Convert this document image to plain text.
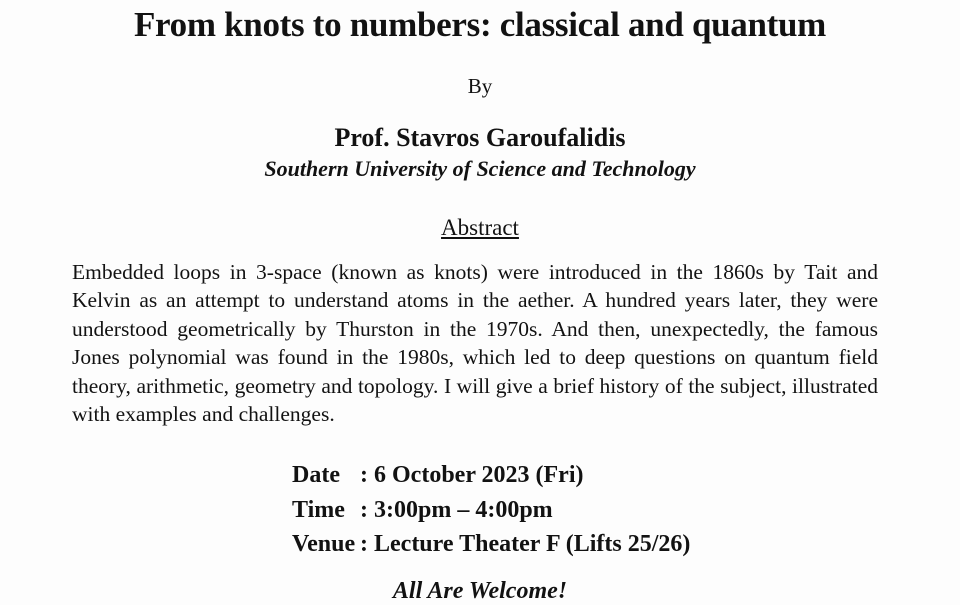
From knots to numbers: classical and quantum
By
Prof. Stavros Garoufalidis
Southern University of Science and Technology
Abstract
Embedded loops in 3-space (known as knots) were introduced in the 1860s by Tait and Kelvin as an attempt to understand atoms in the aether. A hundred years later, they were understood geometrically by Thurston in the 1970s. And then, unexpectedly, the famous Jones polynomial was found in the 1980s, which led to deep questions on quantum field theory, arithmetic, geometry and topology. I will give a brief history of the subject, illustrated with examples and challenges.
Date : 6 October 2023 (Fri)
Time : 3:00pm – 4:00pm
Venue : Lecture Theater F (Lifts 25/26)
All Are Welcome!
